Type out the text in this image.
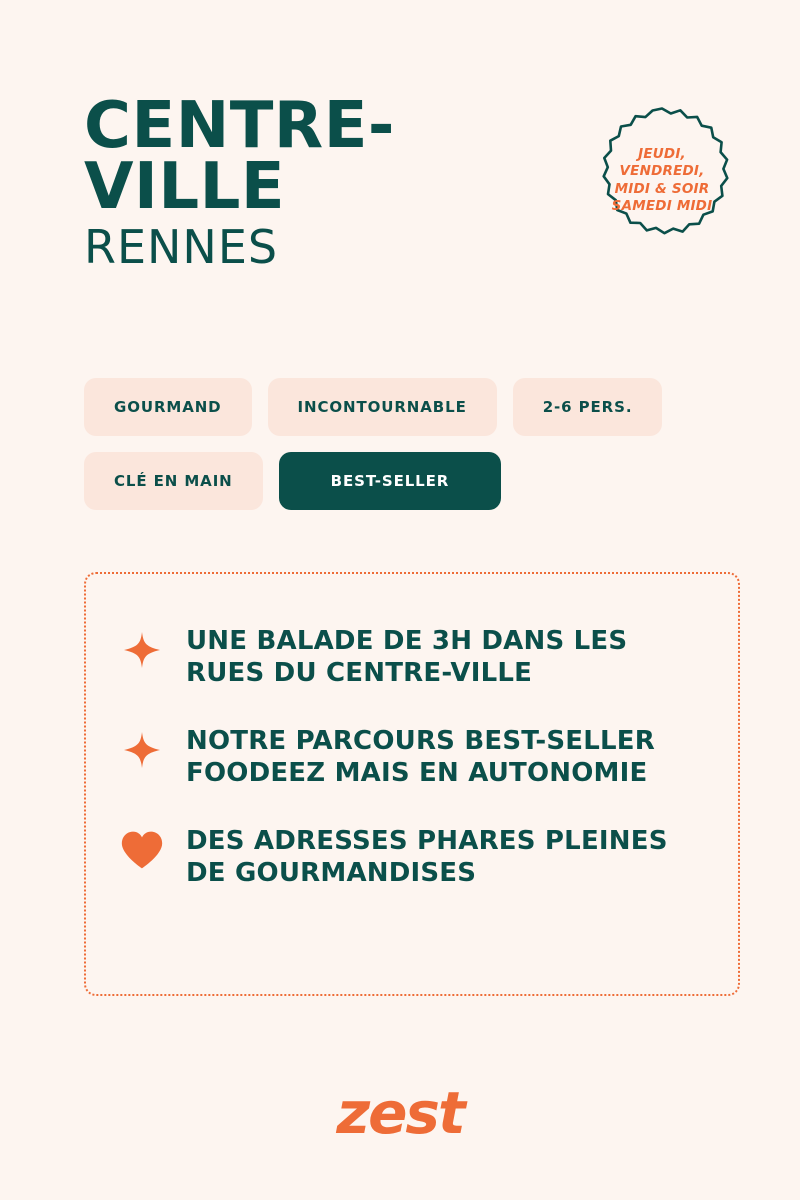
CENTRE-
VILLE
RENNES
JEUDI,
VENDREDI,
MIDI & SOIR
SAMEDI MIDI
GOURMAND	INCONTOURNABLE	2-6 PERS.
CLÉ EN MAIN	BEST-SELLER
UNE BALADE DE 3H DANS LES RUES DU CENTRE-VILLE
NOTRE PARCOURS BEST-SELLER FOODEEZ MAIS EN AUTONOMIE
DES ADRESSES PHARES PLEINES DE GOURMANDISES
zest
